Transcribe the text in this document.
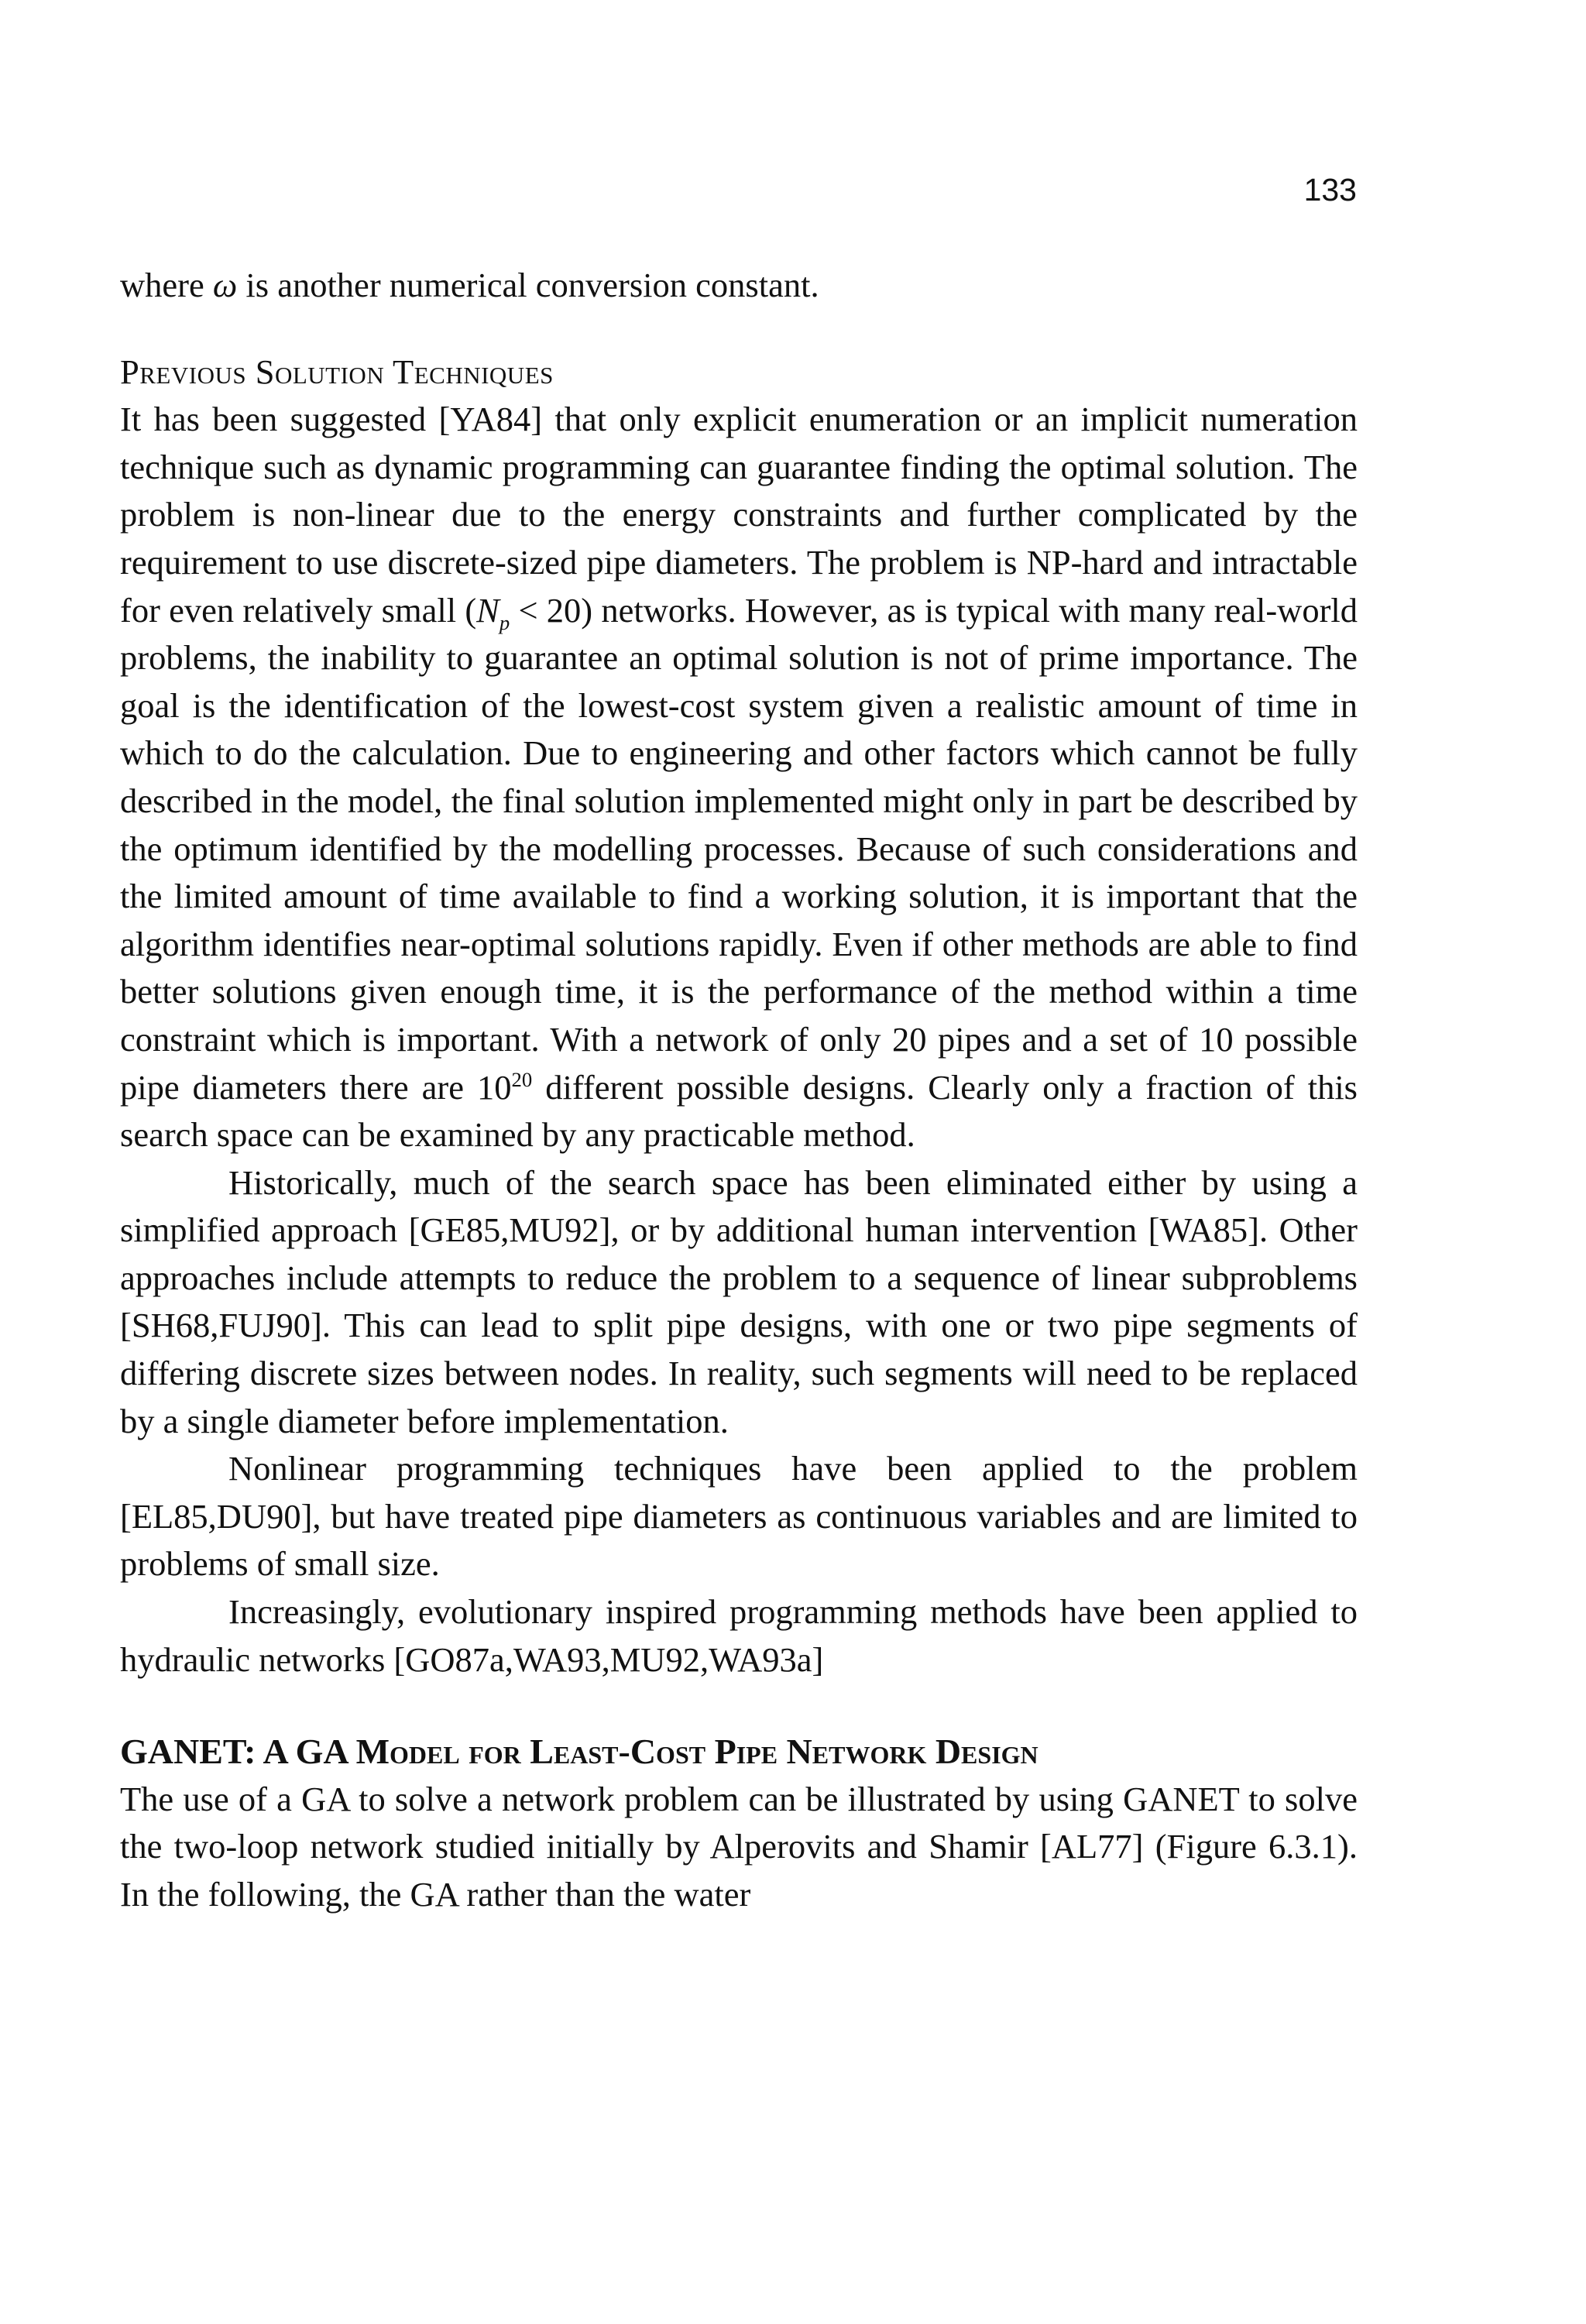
133

where ω is another numerical conversion constant.

Previous Solution Techniques

It has been suggested [YA84] that only explicit enumeration or an implicit numeration technique such as dynamic programming can guarantee finding the optimal solution. The problem is non-linear due to the energy constraints and further complicated by the requirement to use discrete-sized pipe diameters. The problem is NP-hard and intractable for even relatively small $(N_p < 20)$ networks. However, as is typical with many real-world problems, the inability to guarantee an optimal solution is not of prime importance. The goal is the identification of the lowest-cost system given a realistic amount of time in which to do the calculation. Due to engineering and other factors which cannot be fully described in the model, the final solution implemented might only in part be described by the optimum identified by the modelling processes. Because of such considerations and the limited amount of time available to find a working solution, it is important that the algorithm identifies near-optimal solutions rapidly. Even if other methods are able to find better solutions given enough time, it is the performance of the method within a time constraint which is important. With a network of only 20 pipes and a set of 10 possible pipe diameters there are $10^{20}$ different possible designs. Clearly only a fraction of this search space can be examined by any practicable method.

Historically, much of the search space has been eliminated either by using a simplified approach [GE85,MU92], or by additional human intervention [WA85]. Other approaches include attempts to reduce the problem to a sequence of linear subproblems [SH68,FUJ90]. This can lead to split pipe designs, with one or two pipe segments of differing discrete sizes between nodes. In reality, such segments will need to be replaced by a single diameter before implementation.

Nonlinear programming techniques have been applied to the problem [EL85,DU90], but have treated pipe diameters as continuous variables and are limited to problems of small size.

Increasingly, evolutionary inspired programming methods have been applied to hydraulic networks [GO87a,WA93,MU92,WA93a]

GANET: A GA Model for Least-Cost Pipe Network Design

The use of a GA to solve a network problem can be illustrated by using GANET to solve the two-loop network studied initially by Alperovits and Shamir [AL77] (Figure 6.3.1). In the following, the GA rather than the water
